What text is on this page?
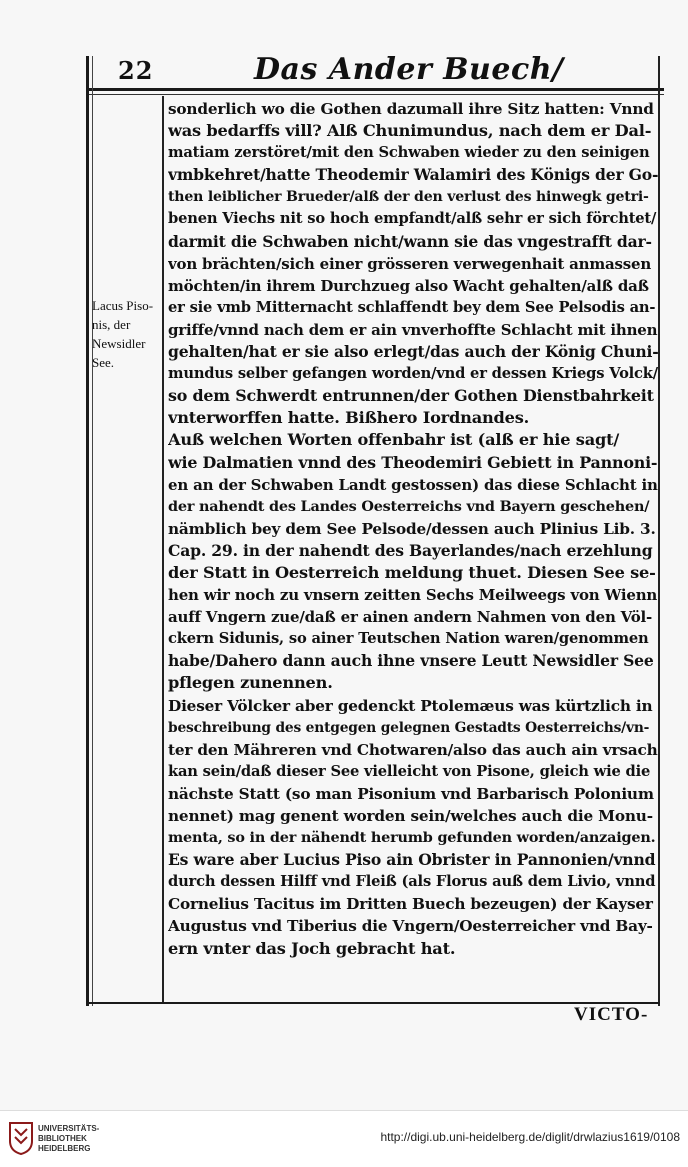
22	Das Ander Buech/
Lacus Piso-
nis, der
Newsidler
See.
sonderlich wo die Gothen dazumall ihre Sitz hatten: Vnnd
was bedarffs vill? Alß Chunimundus, nach dem er Dal-
matiam zerstöret/mit den Schwaben wieder zu den seinigen
vmbkehret/hatte Theodemir Walamiri des Königs der Go-
then leiblicher Brueder/alß der den verlust des hinwegk getri-
benen Viechs nit so hoch empfandt/alß sehr er sich förchtet/
darmit die Schwaben nicht/wann sie das vngestrafft dar-
von brächten/sich einer grösseren verwegenhait anmassen
möchten/in ihrem Durchzueg also Wacht gehalten/alß daß
er sie vmb Mitternacht schlaffendt bey dem See Pelsodis an-
griffe/vnnd nach dem er ain vnverhoffte Schlacht mit ihnen
gehalten/hat er sie also erlegt/das auch der König Chuni-
mundus selber gefangen worden/vnd er dessen Kriegs Volck/
so dem Schwerdt entrunnen/der Gothen Dienstbahrkeit
vnterworffen hatte. Bißhero Iordnandes.
Auß welchen Worten offenbahr ist (alß er hie sagt/
wie Dalmatien vnnd des Theodemiri Gebiett in Pannoni-
en an der Schwaben Landt gestossen) das diese Schlacht in
der nahendt des Landes Oesterreichs vnd Bayern geschehen/
nämblich bey dem See Pelsode/dessen auch Plinius Lib. 3.
Cap. 29. in der nahendt des Bayerlandes/nach erzehlung
der Statt in Oesterreich meldung thuet. Diesen See se-
hen wir noch zu vnsern zeitten Sechs Meilweegs von Wienn
auff Vngern zue/daß er ainen andern Nahmen von den Völ-
ckern Sidunis, so ainer Teutschen Nation waren/genommen
habe/Dahero dann auch ihne vnsere Leutt Newsidler See
pflegen zunennen.
Dieser Völcker aber gedenckt Ptolemæus was kürtzlich in
beschreibung des entgegen gelegnen Gestadts Oesterreichs/vn-
ter den Mähreren vnd Chotwaren/also das auch ain vrsach
kan sein/daß dieser See vielleicht von Pisone, gleich wie die
nächste Statt (so man Pisonium vnd Barbarisch Polonium
nennet) mag genent worden sein/welches auch die Monu-
menta, so in der nähendt herumb gefunden worden/anzaigen.
Es ware aber Lucius Piso ain Obrister in Pannonien/vnnd
durch dessen Hilff vnd Fleiß (als Florus auß dem Livio, vnnd
Cornelius Tacitus im Dritten Buech bezeugen) der Kayser
Augustus vnd Tiberius die Vngern/Oesterreicher vnd Bay-
ern vnter das Joch gebracht hat.
VICTO-
UNIVERSITÄTS-
BIBLIOTHEK
HEIDELBERG
http://digi.ub.uni-heidelberg.de/diglit/drwlazius1619/0108
